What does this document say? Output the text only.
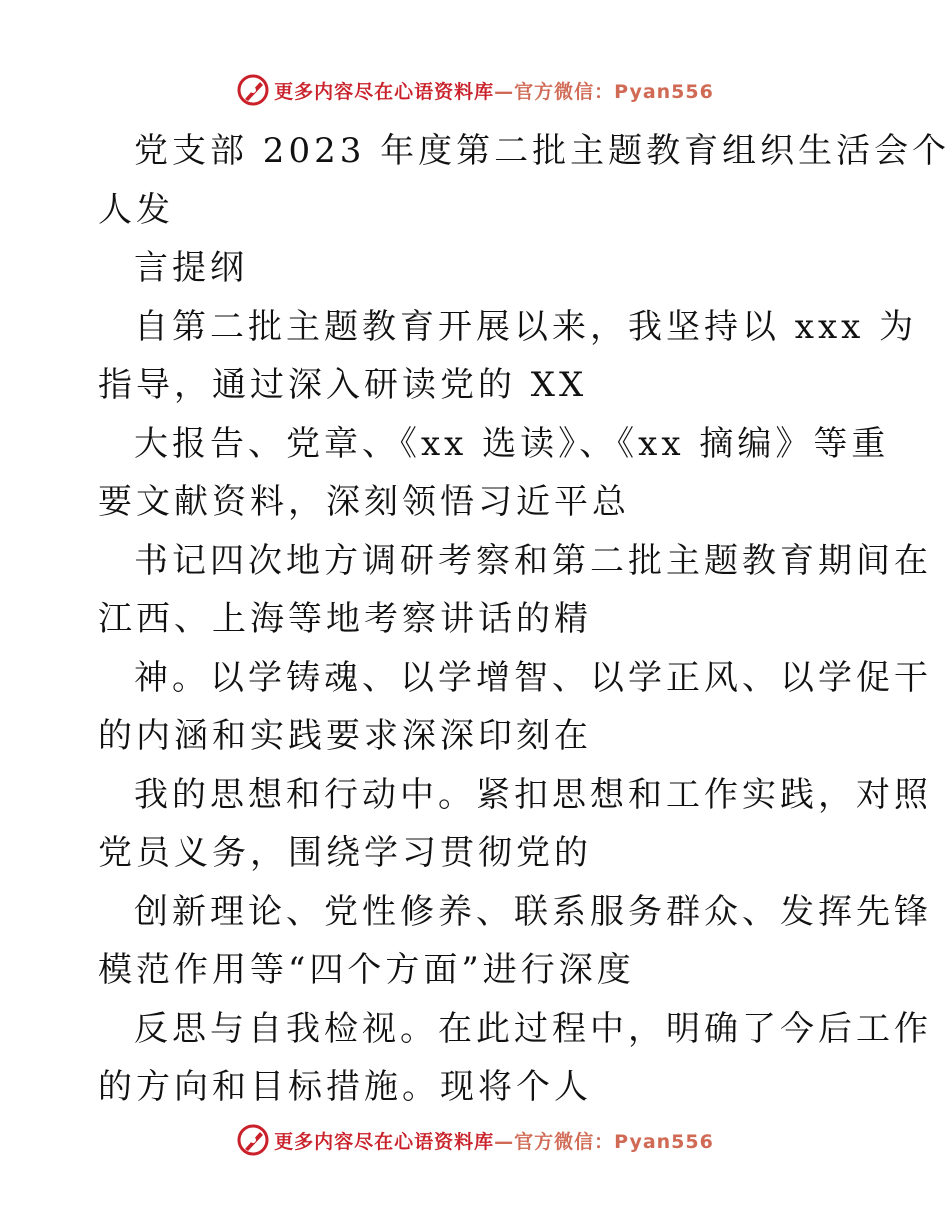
更多内容尽在心语资料库—官方微信：Pyan556
党支部 2023 年度第二批主题教育组织生活会个
人发
言提纲
自第二批主题教育开展以来，我坚持以 xxx 为
指导，通过深入研读党的 XX
大报告、党章、《xx 选读》、《xx 摘编》等重
要文献资料，深刻领悟习近平总
书记四次地方调研考察和第二批主题教育期间在
江西、上海等地考察讲话的精
神。以学铸魂、以学增智、以学正风、以学促干
的内涵和实践要求深深印刻在
我的思想和行动中。紧扣思想和工作实践，对照
党员义务，围绕学习贯彻党的
创新理论、党性修养、联系服务群众、发挥先锋
模范作用等“四个方面”进行深度
反思与自我检视。在此过程中，明确了今后工作
的方向和目标措施。现将个人
更多内容尽在心语资料库—官方微信：Pyan556
